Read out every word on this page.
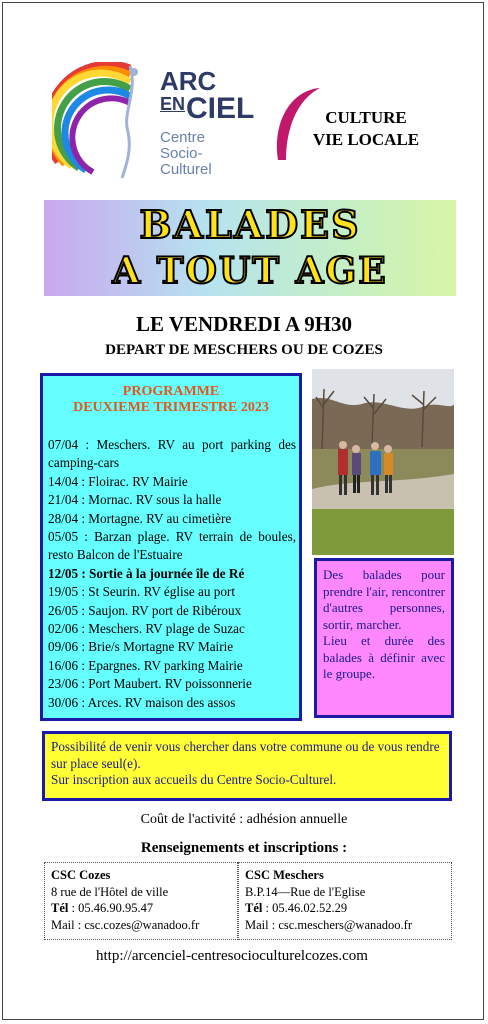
ARC
EN CIEL
Centre
Socio-
Culturel
CULTURE
VIE LOCALE
BALADES
A TOUT AGE
LE VENDREDI A 9H30
DEPART DE MESCHERS OU DE COZES
PROGRAMME
DEUXIEME TRIMESTRE 2023
07/04 : Meschers. RV au port parking des camping-cars
14/04 : Floirac. RV Mairie
21/04 : Mornac. RV sous la halle
28/04 : Mortagne. RV au cimetière
05/05 : Barzan plage. RV terrain de boules, resto Balcon de l'Estuaire
12/05 : Sortie à la journée île de Ré
19/05 : St Seurin. RV église au port
26/05 : Saujon. RV port de Ribéroux
02/06 : Meschers. RV plage de Suzac
09/06 : Brie/s Mortagne RV Mairie
16/06 : Epargnes. RV parking Mairie
23/06 : Port Maubert. RV poissonnerie
30/06 : Arces. RV maison des assos
Des balades pour prendre l'air, rencontrer d'autres personnes, sortir, marcher.
Lieu et durée des balades à définir avec le groupe.
Possibilité de venir vous chercher dans votre commune ou de vous rendre sur place seul(e).
Sur inscription aux accueils du Centre Socio-Culturel.
Coût de l'activité : adhésion annuelle
Renseignements et inscriptions :
CSC Cozes
8 rue de l'Hôtel de ville
Tél : 05.46.90.95.47
Mail : csc.cozes@wanadoo.fr
CSC Meschers
B.P.14—Rue de l'Eglise
Tél : 05.46.02.52.29
Mail : csc.meschers@wanadoo.fr
http://arcenciel-centresocioculturelcozes.com
